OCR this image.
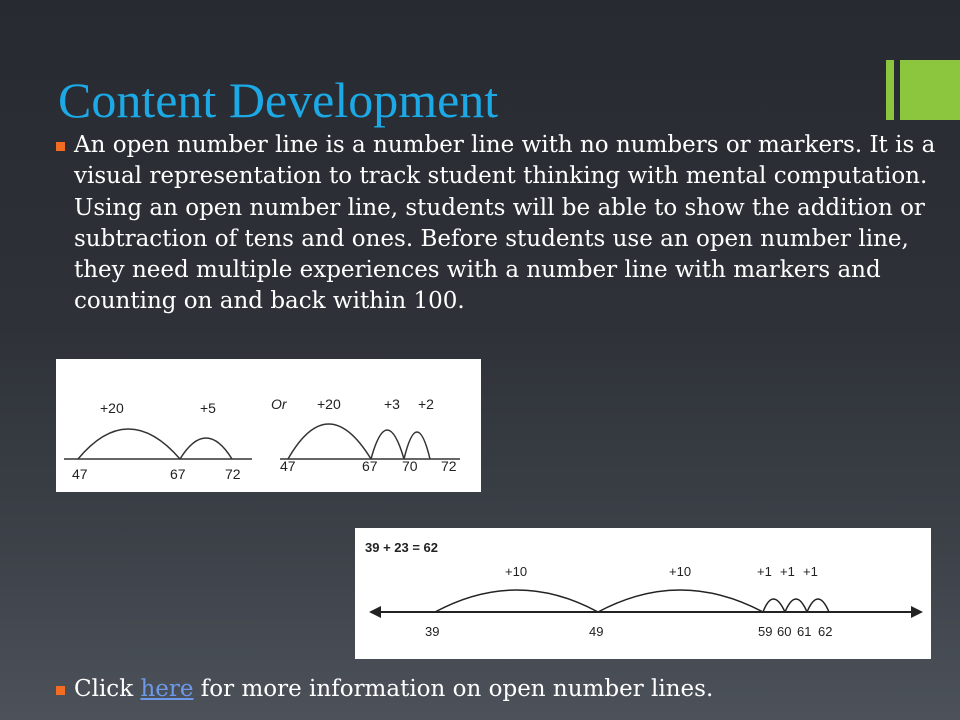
Content Development
An open number line is a number line with no numbers or markers. It is a visual representation to track student thinking with mental computation. Using an open number line, students will be able to show the addition or subtraction of tens and ones. Before students use an open number line, they need multiple experiences with a number line with markers and counting on and back within 100.
+20	+5
47	67	72
Or +20	+3 +2
47	67 70 72
39 + 23 = 62
+10	+10	+1 +1 +1
39	49	59 60 61 62
Click here for more information on open number lines.
